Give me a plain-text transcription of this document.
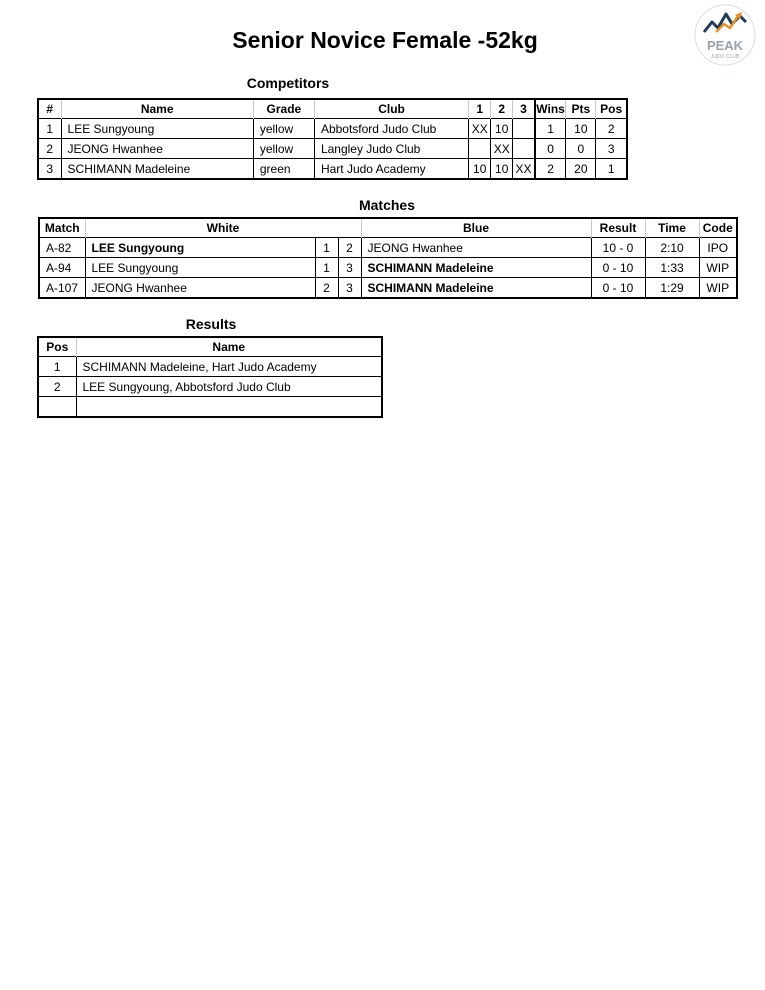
Senior Novice Female -52kg	PEAK
JUDO CLUB
Competitors
#	Name	Grade	Club	1	2	3	Wins	Pts	Pos
1	LEE Sungyoung	yellow	Abbotsford Judo Club	XX	10		1	10	2
2	JEONG Hwanhee	yellow	Langley Judo Club		XX		0	0	3
3	SCHIMANN Madeleine	green	Hart Judo Academy	10	10	XX	2	20	1
Matches
Match	White			Blue	Result	Time	Code
A-82	LEE Sungyoung	1	2	JEONG Hwanhee	10 - 0	2:10	IPO
A-94	LEE Sungyoung	1	3	SCHIMANN Madeleine	0 - 10	1:33	WIP
A-107	JEONG Hwanhee	2	3	SCHIMANN Madeleine	0 - 10	1:29	WIP
Results
Pos	Name
1	SCHIMANN Madeleine, Hart Judo Academy
2	LEE Sungyoung, Abbotsford Judo Club
